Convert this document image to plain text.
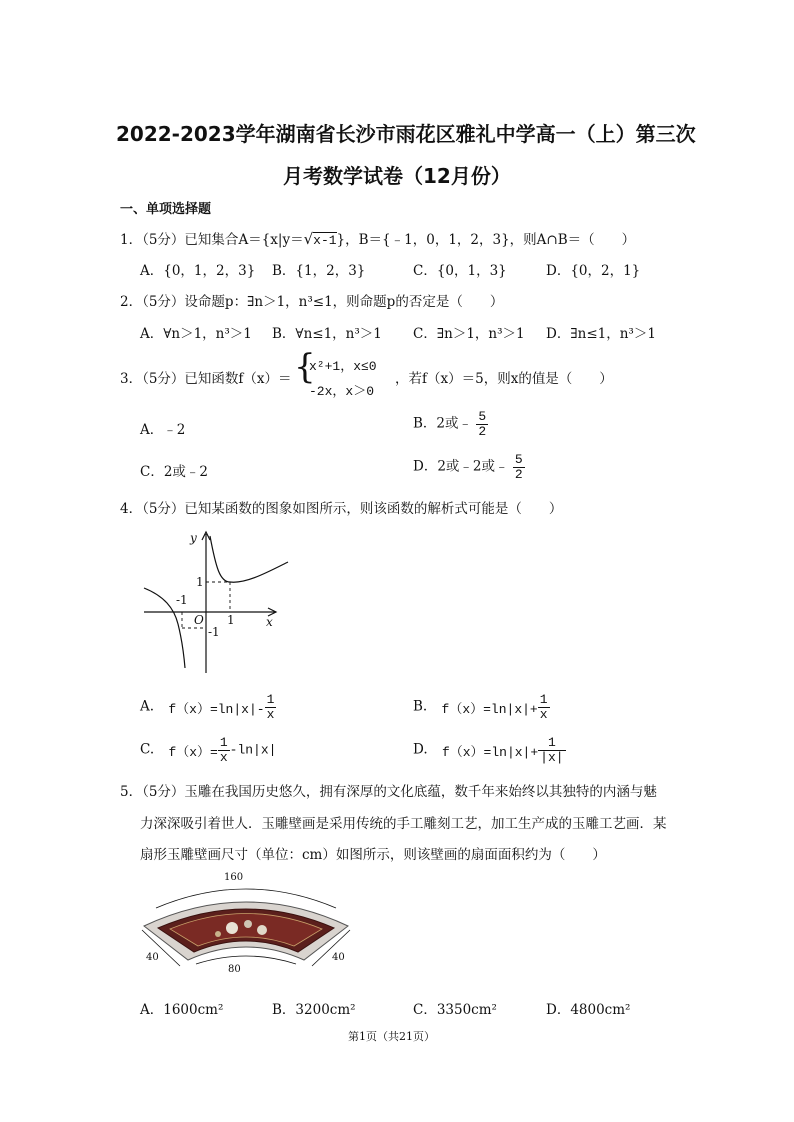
2022-2023学年湖南省长沙市雨花区雅礼中学高一（上）第三次
月考数学试卷（12月份）
一、单项选择题
1．（5分）已知集合A＝{x|y＝√x-1}，B＝{﹣1，0，1，2，3}，则A∩B＝（　　）
A．{0，1，2，3} B．{1，2，3}	C．{0，1，3}	D．{0，2，1}
2．（5分）设命题p：∃n＞1，n³≤1，则命题p的否定是（　　）
A．∀n＞1，n³＞1 B．∀n≤1，n³＞1 C．∃n＞1，n³＞1 D．∃n≤1，n³＞1
3．（5分）已知函数f（x）＝ {
x²+1，x≤0
-2x，x＞0
，若f（x）＝5，则x的值是（　　）
A．﹣2	B．2或﹣ $\frac{5}{2}$
C．2或﹣2	D．2或﹣2或﹣ $\frac{5}{2}$
4．（5分）已知某函数的图象如图所示，则该函数的解析式可能是（　　）
y
x
O
1
1
-1
-1
A. $f(x)=\ln|x|- \frac{1}{x}$	B. $f(x)=\ln|x|+ \frac{1}{x}$
C. $f(x)= \frac{1}{x} -\ln|x|$	D. $f(x)=\ln|x|+ \frac{1}{|x|}$
5．（5分）玉雕在我国历史悠久，拥有深厚的文化底蕴，数千年来始终以其独特的内涵与魅
力深深吸引着世人．玉雕壁画是采用传统的手工雕刻工艺，加工生产成的玉雕工艺画．某
扇形玉雕壁画尺寸（单位：cm）如图所示，则该壁画的扇面面积约为（　　）
160
40	40
80
A．1600cm²	B．3200cm²	C．3350cm²	D．4800cm²
第1页（共21页）
